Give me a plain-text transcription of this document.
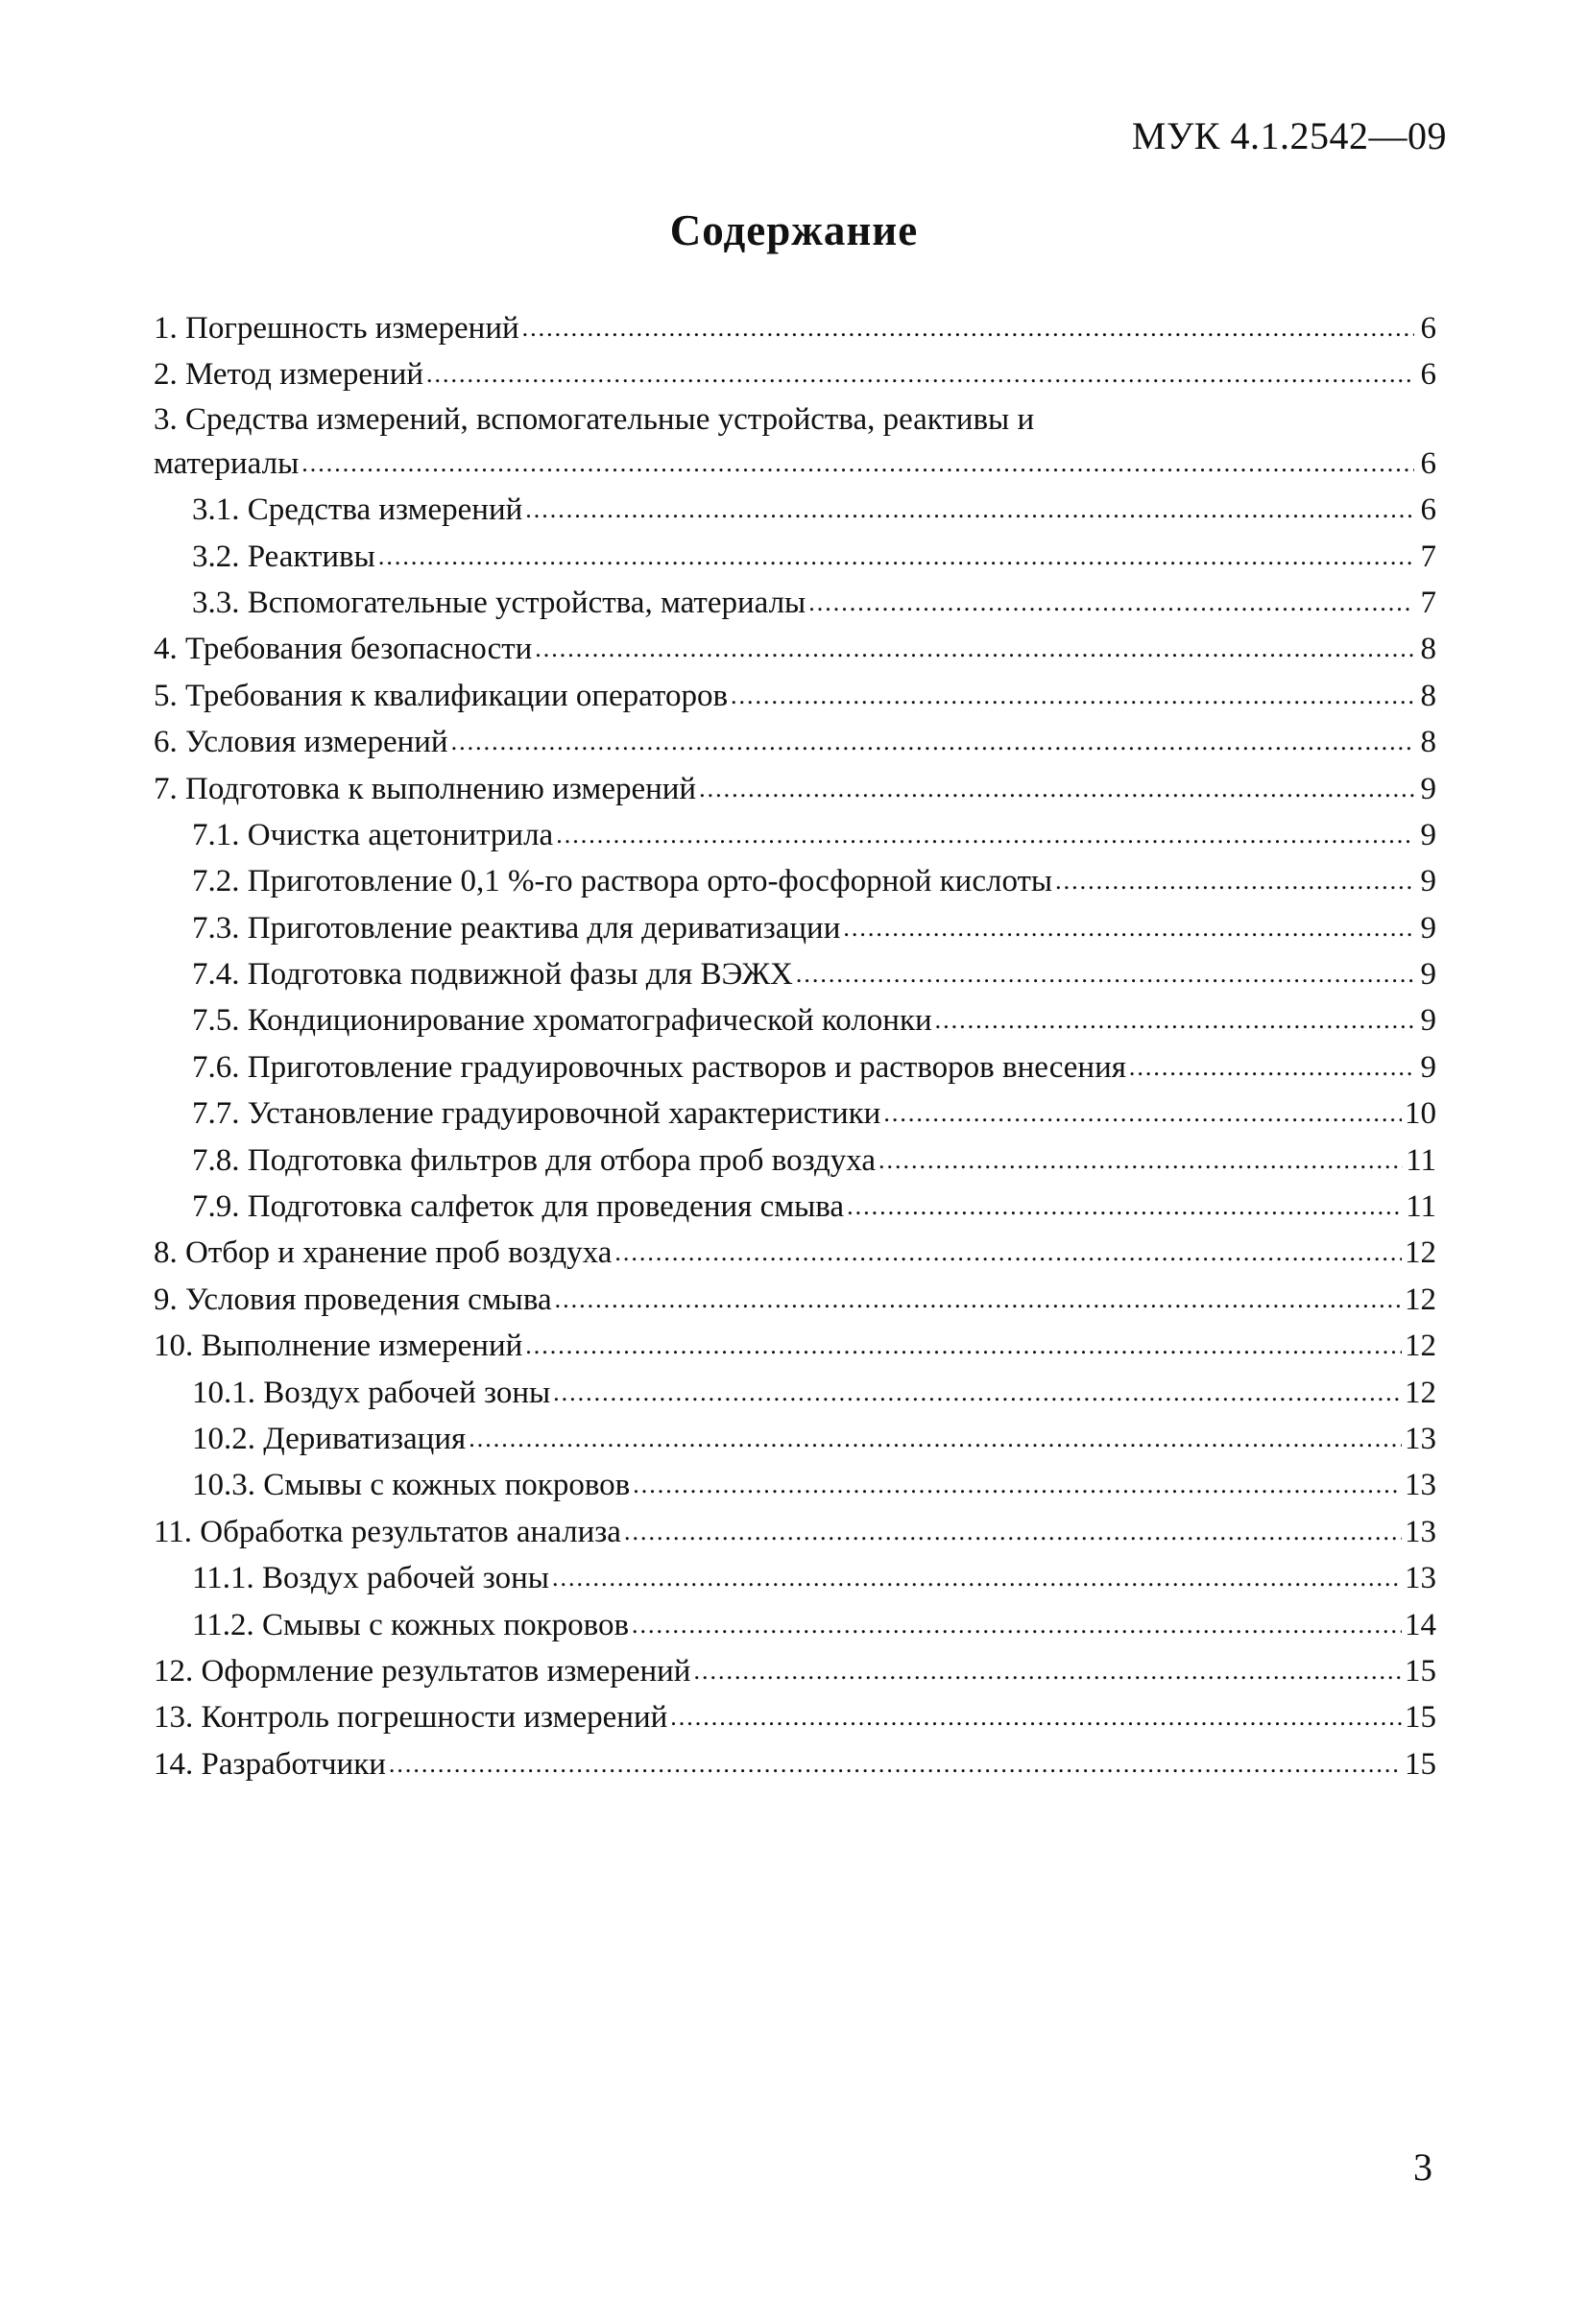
МУК 4.1.2542—09
Содержание
1. Погрешность измерений .....	6
2. Метод измерений .....	6
3. Средства измерений, вспомогательные устройства, реактивы и
материалы .....	6
3.1. Средства измерений .....	6
3.2. Реактивы .....	7
3.3. Вспомогательные устройства, материалы .....	7
4. Требования безопасности .....	8
5. Требования к квалификации операторов .....	8
6. Условия измерений .....	8
7. Подготовка к выполнению измерений .....	9
7.1. Очистка ацетонитрила .....	9
7.2. Приготовление 0,1 %-го раствора орто-фосфорной кислоты .....	9
7.3. Приготовление реактива для дериватизации .....	9
7.4. Подготовка подвижной фазы для ВЭЖХ .....	9
7.5. Кондиционирование хроматографической колонки .....	9
7.6. Приготовление градуировочных растворов и растворов внесения .....	9
7.7. Установление градуировочной характеристики .....	10
7.8. Подготовка фильтров для отбора проб воздуха .....	11
7.9. Подготовка салфеток для проведения смыва .....	11
8. Отбор и хранение проб воздуха .....	12
9. Условия проведения смыва .....	12
10. Выполнение измерений .....	12
10.1. Воздух рабочей зоны .....	12
10.2. Дериватизация .....	13
10.3. Смывы с кожных покровов .....	13
11. Обработка результатов анализа .....	13
11.1. Воздух рабочей зоны .....	13
11.2. Смывы с кожных покровов .....	14
12. Оформление результатов измерений .....	15
13. Контроль погрешности измерений .....	15
14. Разработчики .....	15
3
